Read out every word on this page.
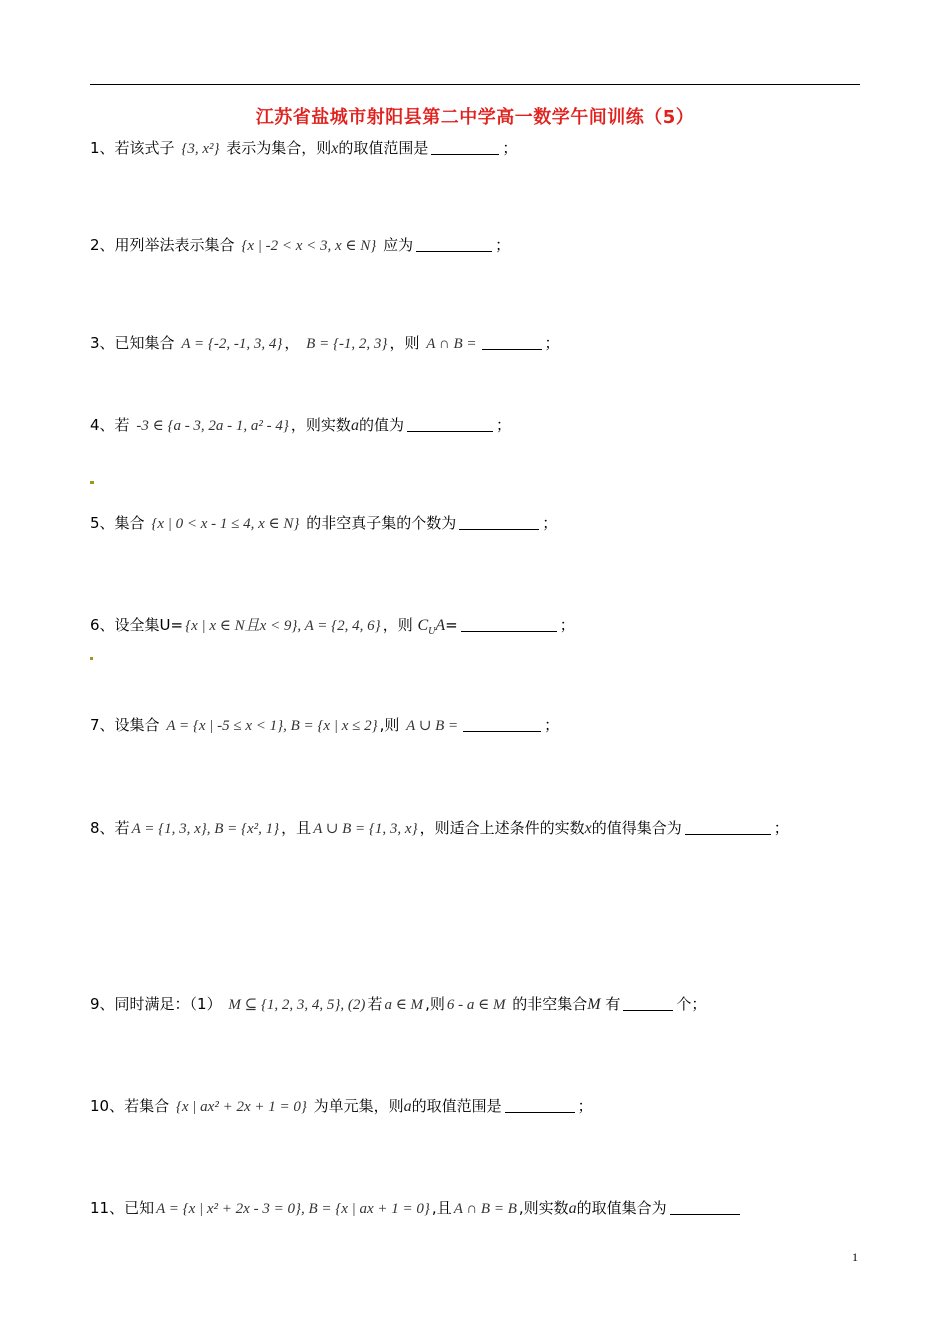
江苏省盐城市射阳县第二中学高一数学午间训练（5）
1、若该式子 {3, x²} 表示为集合，则x的取值范围是	；
2、用列举法表示集合 {x | -2 < x < 3, x ∈ N} 应为	；
3、已知集合 A = {-2, -1, 3, 4} ， B = {-1, 2, 3} ，则 A ∩ B =	；
4、若 -3 ∈ {a - 3, 2a - 1, a² - 4} ，则实数a的值为	；
5、集合 {x | 0 < x - 1 ≤ 4, x ∈ N} 的非空真子集的个数为	；
6、设全集U= {x | x ∈ N且x < 9}, A = {2, 4, 6} ，则 $C_UA=$	；
7、设集合 A = {x | -5 ≤ x < 1}, B = {x | x ≤ 2} ,则 A ∪ B =	；
8、若 A = {1, 3, x}, B = {x², 1} ，且 A ∪ B = {1, 3, x} ，则适合上述条件的实数x的值得集合为	；
9、同时满足：（1） M ⊆ {1, 2, 3, 4, 5}, (2) 若 a ∈ M ,则 6 - a ∈ M 的非空集合M 有	个；
10、若集合 {x | ax² + 2x + 1 = 0} 为单元集，则a的取值范围是	；
11、已知 A = {x | x² + 2x - 3 = 0}, B = {x | ax + 1 = 0} ,且 A ∩ B = B ,则实数a的取值集合为
1
